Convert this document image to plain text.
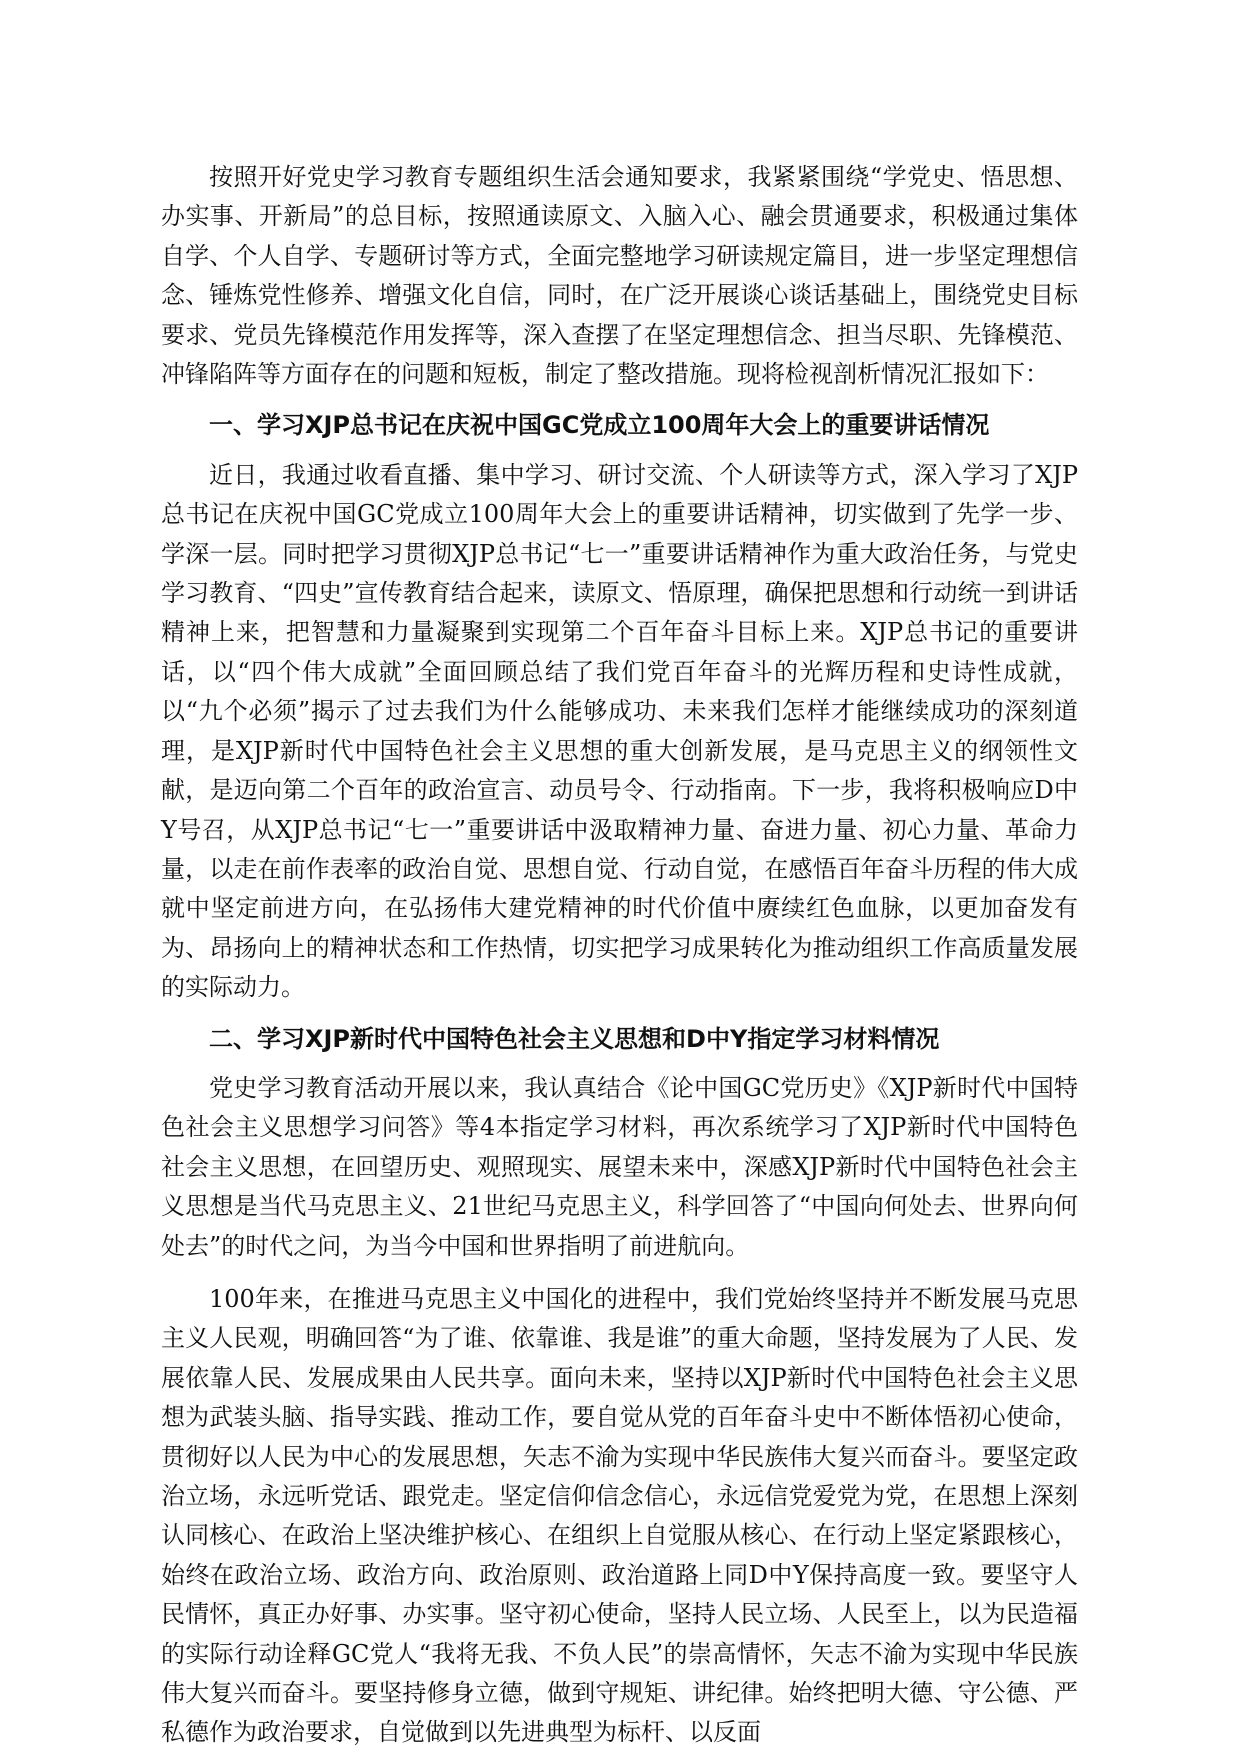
按照开好党史学习教育专题组织生活会通知要求，我紧紧围绕“学党史、悟思想、办实事、开新局”的总目标，按照通读原文、入脑入心、融会贯通要求，积极通过集体自学、个人自学、专题研讨等方式，全面完整地学习研读规定篇目，进一步坚定理想信念、锤炼党性修养、增强文化自信，同时，在广泛开展谈心谈话基础上，围绕党史目标要求、党员先锋模范作用发挥等，深入查摆了在坚定理想信念、担当尽职、先锋模范、冲锋陷阵等方面存在的问题和短板，制定了整改措施。现将检视剖析情况汇报如下：

一、学习XJP总书记在庆祝中国GC党成立100周年大会上的重要讲话情况

近日，我通过收看直播、集中学习、研讨交流、个人研读等方式，深入学习了XJP总书记在庆祝中国GC党成立100周年大会上的重要讲话精神，切实做到了先学一步、学深一层。同时把学习贯彻XJP总书记“七一”重要讲话精神作为重大政治任务，与党史学习教育、“四史”宣传教育结合起来，读原文、悟原理，确保把思想和行动统一到讲话精神上来，把智慧和力量凝聚到实现第二个百年奋斗目标上来。XJP总书记的重要讲话，以“四个伟大成就”全面回顾总结了我们党百年奋斗的光辉历程和史诗性成就，以“九个必须”揭示了过去我们为什么能够成功、未来我们怎样才能继续成功的深刻道理，是XJP新时代中国特色社会主义思想的重大创新发展，是马克思主义的纲领性文献，是迈向第二个百年的政治宣言、动员号令、行动指南。下一步，我将积极响应D中Y号召，从XJP总书记“七一”重要讲话中汲取精神力量、奋进力量、初心力量、革命力量，以走在前作表率的政治自觉、思想自觉、行动自觉，在感悟百年奋斗历程的伟大成就中坚定前进方向，在弘扬伟大建党精神的时代价值中赓续红色血脉，以更加奋发有为、昂扬向上的精神状态和工作热情，切实把学习成果转化为推动组织工作高质量发展的实际动力。

二、学习XJP新时代中国特色社会主义思想和D中Y指定学习材料情况

党史学习教育活动开展以来，我认真结合《论中国GC党历史》《XJP新时代中国特色社会主义思想学习问答》等4本指定学习材料，再次系统学习了XJP新时代中国特色社会主义思想，在回望历史、观照现实、展望未来中，深感XJP新时代中国特色社会主义思想是当代马克思主义、21世纪马克思主义，科学回答了“中国向何处去、世界向何处去”的时代之问，为当今中国和世界指明了前进航向。

100年来，在推进马克思主义中国化的进程中，我们党始终坚持并不断发展马克思主义人民观，明确回答“为了谁、依靠谁、我是谁”的重大命题，坚持发展为了人民、发展依靠人民、发展成果由人民共享。面向未来，坚持以XJP新时代中国特色社会主义思想为武装头脑、指导实践、推动工作，要自觉从党的百年奋斗史中不断体悟初心使命，贯彻好以人民为中心的发展思想，矢志不渝为实现中华民族伟大复兴而奋斗。要坚定政治立场，永远听党话、跟党走。坚定信仰信念信心，永远信党爱党为党，在思想上深刻认同核心、在政治上坚决维护核心、在组织上自觉服从核心、在行动上坚定紧跟核心，始终在政治立场、政治方向、政治原则、政治道路上同D中Y保持高度一致。要坚守人民情怀，真正办好事、办实事。坚守初心使命，坚持人民立场、人民至上，以为民造福的实际行动诠释GC党人“我将无我、不负人民”的崇高情怀，矢志不渝为实现中华民族伟大复兴而奋斗。要坚持修身立德，做到守规矩、讲纪律。始终把明大德、守公德、严私德作为政治要求，自觉做到以先进典型为标杆、以反面
